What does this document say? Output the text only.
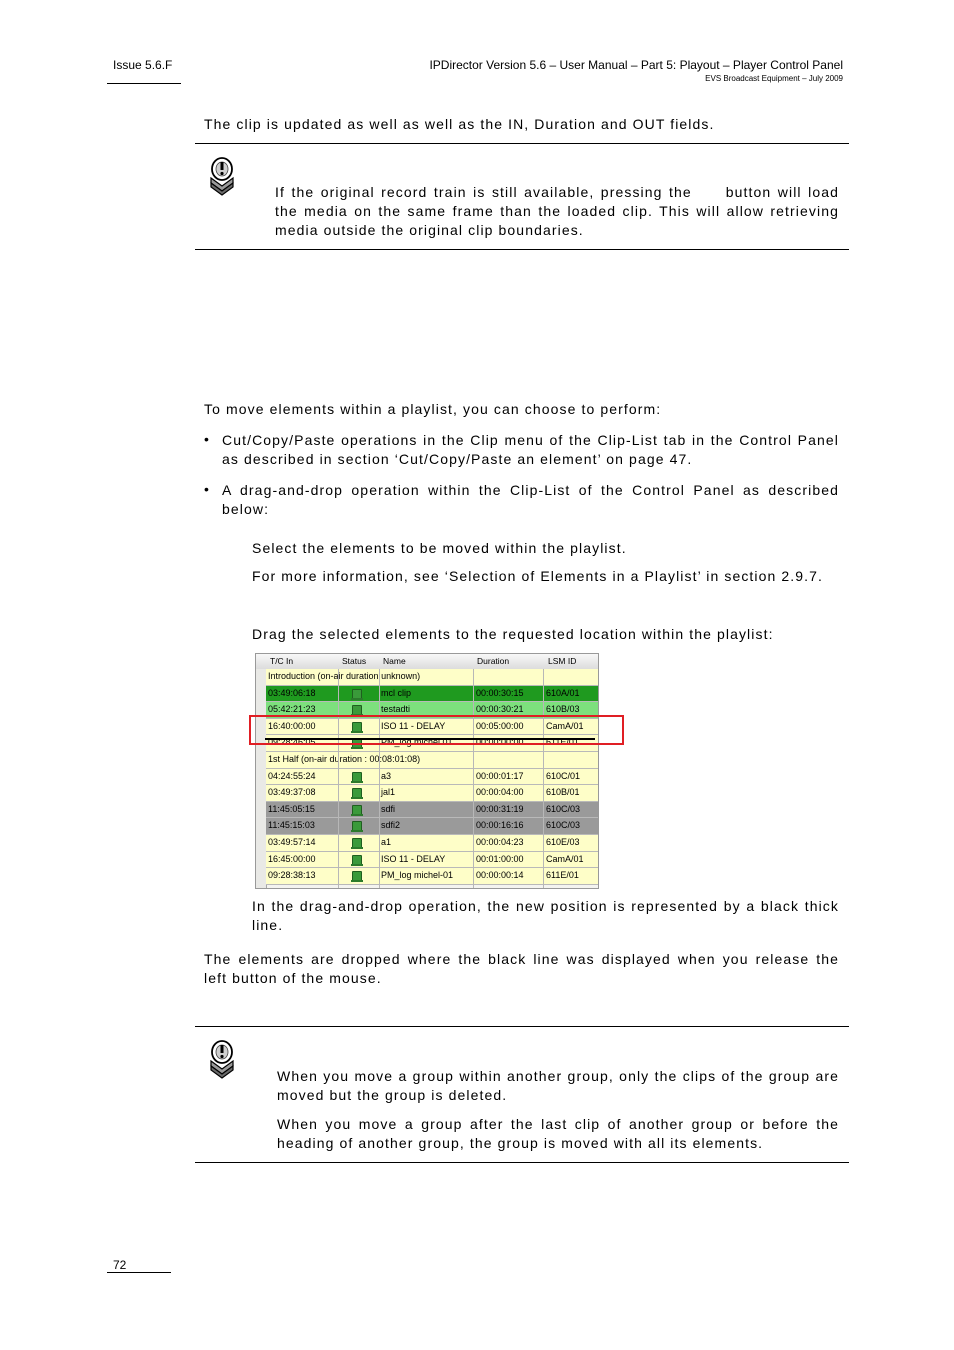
Issue 5.6.F	IPDirector Version 5.6 – User Manual – Part 5: Playout – Player Control Panel
EVS Broadcast Equipment – July 2009
The clip is updated as well as well as the IN, Duration and OUT fields.
If the original record train is still available, pressing the button will load the media on the same frame than the loaded clip. This will allow retrieving media outside the original clip boundaries.
To move elements within a playlist, you can choose to perform:
• Cut/Copy/Paste operations in the Clip menu of the Clip-List tab in the Control Panel as described in section ‘Cut/Copy/Paste an element’ on page 47.
• A drag-and-drop operation within the Clip-List of the Control Panel as described below:
Select the elements to be moved within the playlist.
For more information, see ‘Selection of Elements in a Playlist’ in section 2.9.7.
Drag the selected elements to the requested location within the playlist:
T/C In	Status Name	Duration	LSM ID
Introduction (on-air duration unknown)
03:49:06:18	mcl clip	00:00:30:15 610A/01
05:42:21:23	testadti	00:00:30:21 610B/03
16:40:00:00	ISO 11 - DELAY	00:05:00:00 CamA/01
09:28:46:05	PM_log michel 01	00:00:00:00 611E/01
1st Half (on-air duration : 00:08:01:08)
04:24:55:24	a3	00:00:01:17 610C/01
03:49:37:08	jal1	00:00:04:00 610B/01
11:45:05:15	sdfi	00:00:31:19 610C/03
11:45:15:03	sdfi2	00:00:16:16 610C/03
03:49:57:14	a1	00:00:04:23 610E/03
16:45:00:00	ISO 11 - DELAY	00:01:00:00 CamA/01
09:28:38:13	PM_log michel-01	00:00:00:14 611E/01
In the drag-and-drop operation, the new position is represented by a black thick line.
The elements are dropped where the black line was displayed when you release the left button of the mouse.
When you move a group within another group, only the clips of the group are moved but the group is deleted.
When you move a group after the last clip of another group or before the heading of another group, the group is moved with all its elements.
72
